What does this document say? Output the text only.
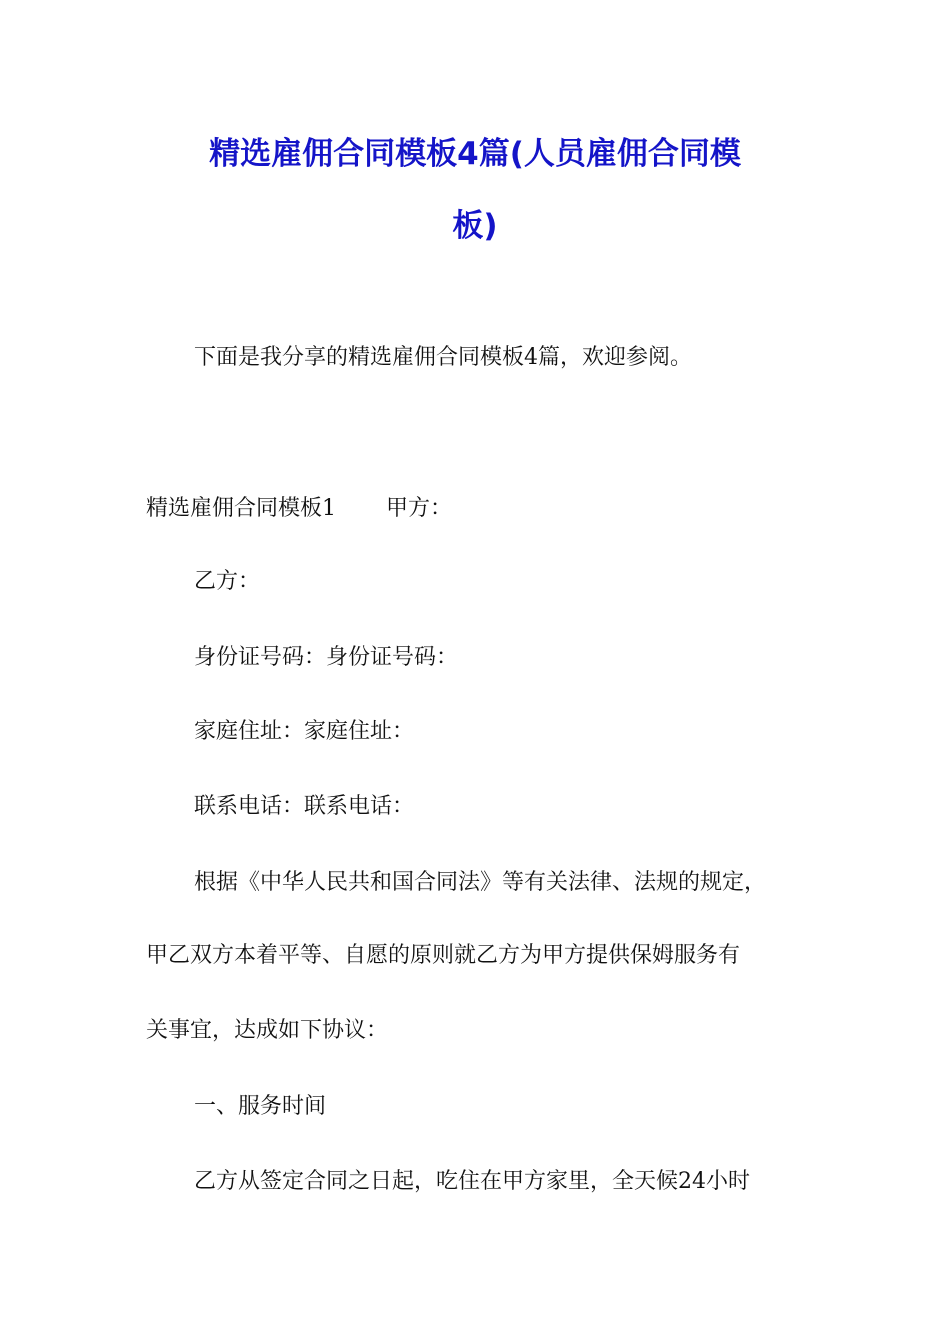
精选雇佣合同模板4篇(人员雇佣合同模
板)
下面是我分享的精选雇佣合同模板4篇，欢迎参阅。
精选雇佣合同模板1 甲方：
乙方：
身份证号码：身份证号码：
家庭住址：家庭住址：
联系电话：联系电话：
根据《中华人民共和国合同法》等有关法律、法规的规定，
甲乙双方本着平等、自愿的原则就乙方为甲方提供保姆服务有
关事宜，达成如下协议：
一、服务时间
乙方从签定合同之日起，吃住在甲方家里，全天候24小时
